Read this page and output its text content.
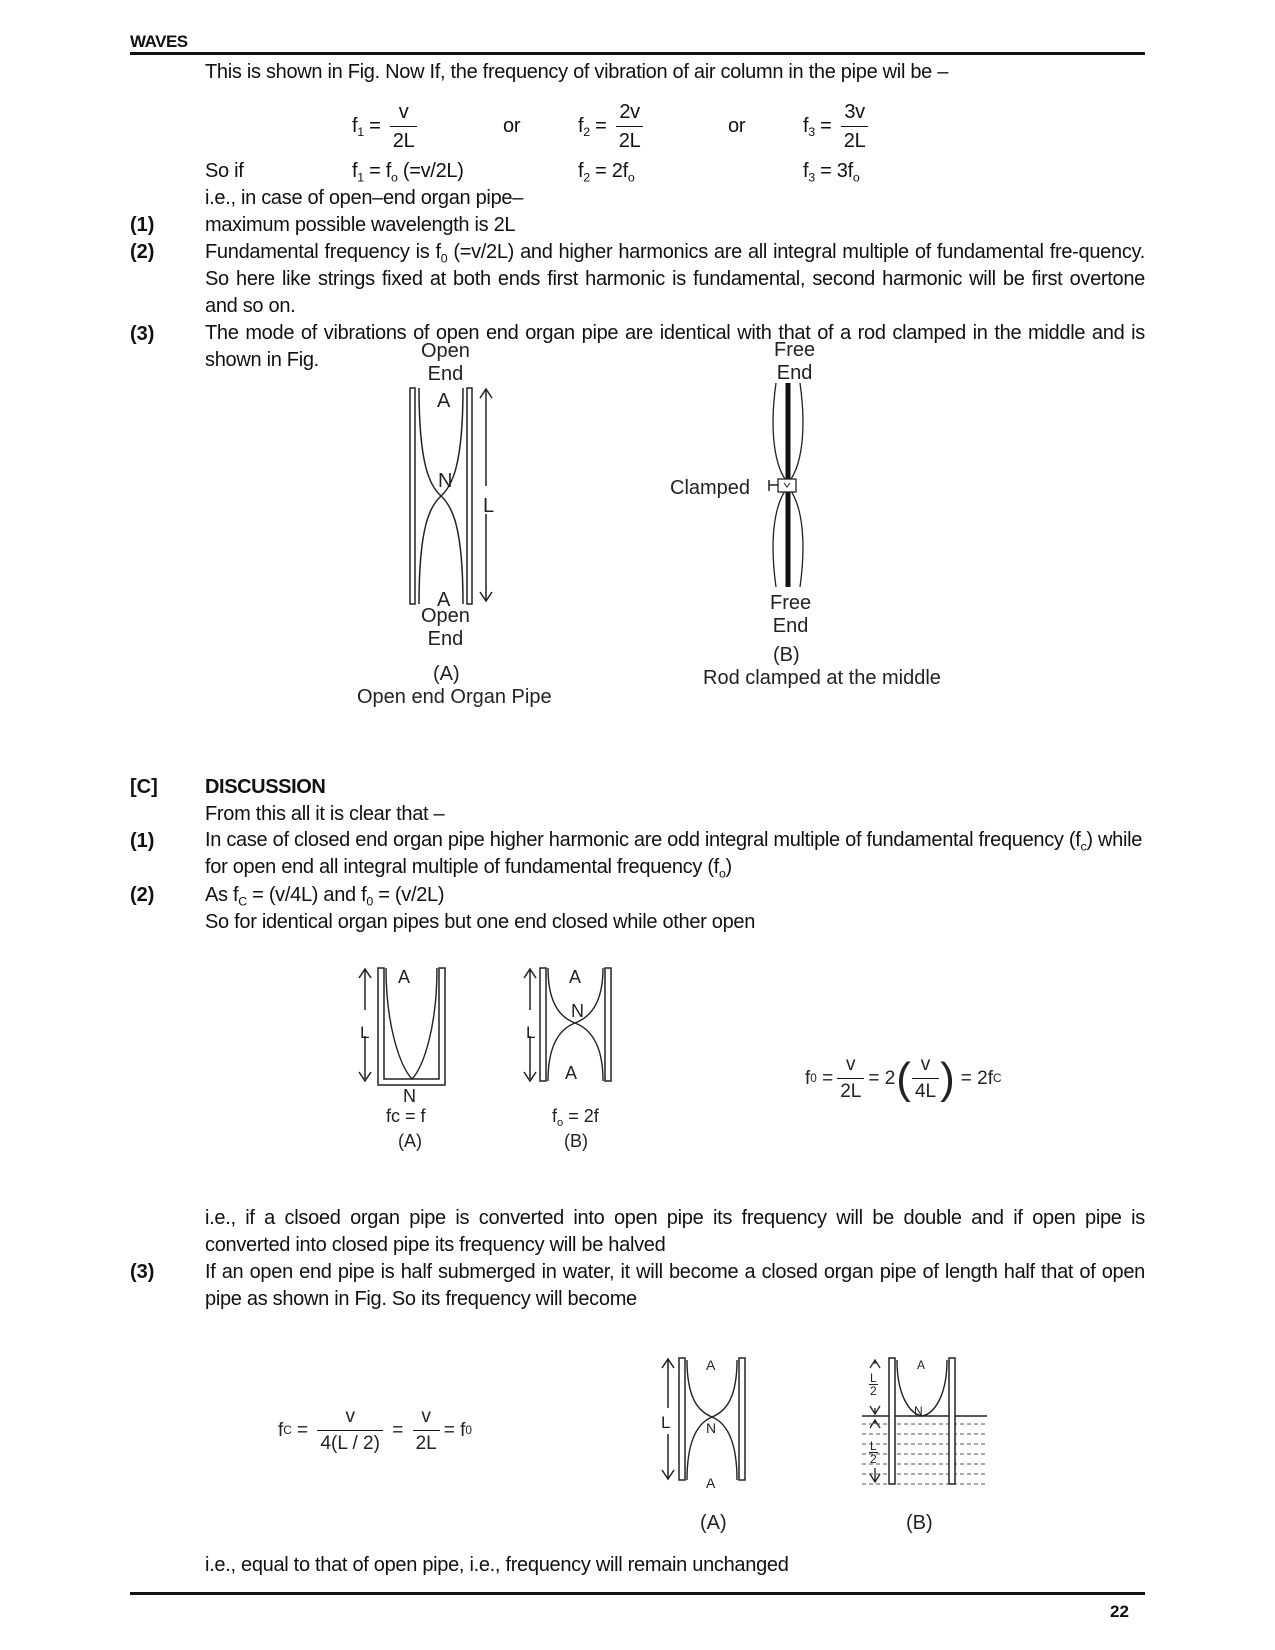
WAVES
This is shown in Fig. Now If, the frequency of vibration of air column in the pipe wil be –
$f_1 = \frac{v}{2L}$	or	$f_2 = \frac{2v}{2L}$	or	$f_3 = \frac{3v}{2L}$
So if	$f_1 = f_o$ (=v/2L)	$f_2 = 2f_o$	$f_3 = 3f_o$
i.e., in case of open–end organ pipe–
(1)	maximum possible wavelength is 2L
(2)	Fundamental frequency is $f_0$ (=v/2L) and higher harmonics are all integral multiple of fundamental fre-quency. So here like strings fixed at both ends first harmonic is fundamental, second harmonic will be first overtone and so on.
(3)	The mode of vibrations of open end organ pipe are identical with that of a rod clamped in the middle and is shown in Fig.	Open
End
A
N
L
A
Open
End
(A)
Open end Organ Pipe
Free
End
Clamped
Free
End
(B)
Rod clamped at the middle
[C] DISCUSSION
From this all it is clear that –
(1)	In case of closed end organ pipe higher harmonic are odd integral multiple of fundamental frequency $(f_c)$ while for open end all integral multiple of fundamental frequency $(f_o)$
(2)	As $f_C = (v/4L)$ and $f_0 = (v/2L)$
So for identical organ pipes but one end closed while other open
L
A
N
fc = f
(A)
L
A
N
A
$f_o = 2f$
(B)
f $0 = \frac{v}{2L} = 2$ ( $\frac{v}{4L}$ ) = 2f C
i.e., if a clsoed organ pipe is converted into open pipe its frequency will be double and if open pipe is converted into closed pipe its frequency will be halved
(3)	If an open end pipe is half submerged in water, it will become a closed organ pipe of length half that of open pipe as shown in Fig. So its frequency will become
f $C = \frac{v}{4(L / 2)} = \frac{v}{2L} = f$ 0	L
A
N
A
(A)
L
2
L
2
A
N
(B)
i.e., equal to that of open pipe, i.e., frequency will remain unchanged
22
